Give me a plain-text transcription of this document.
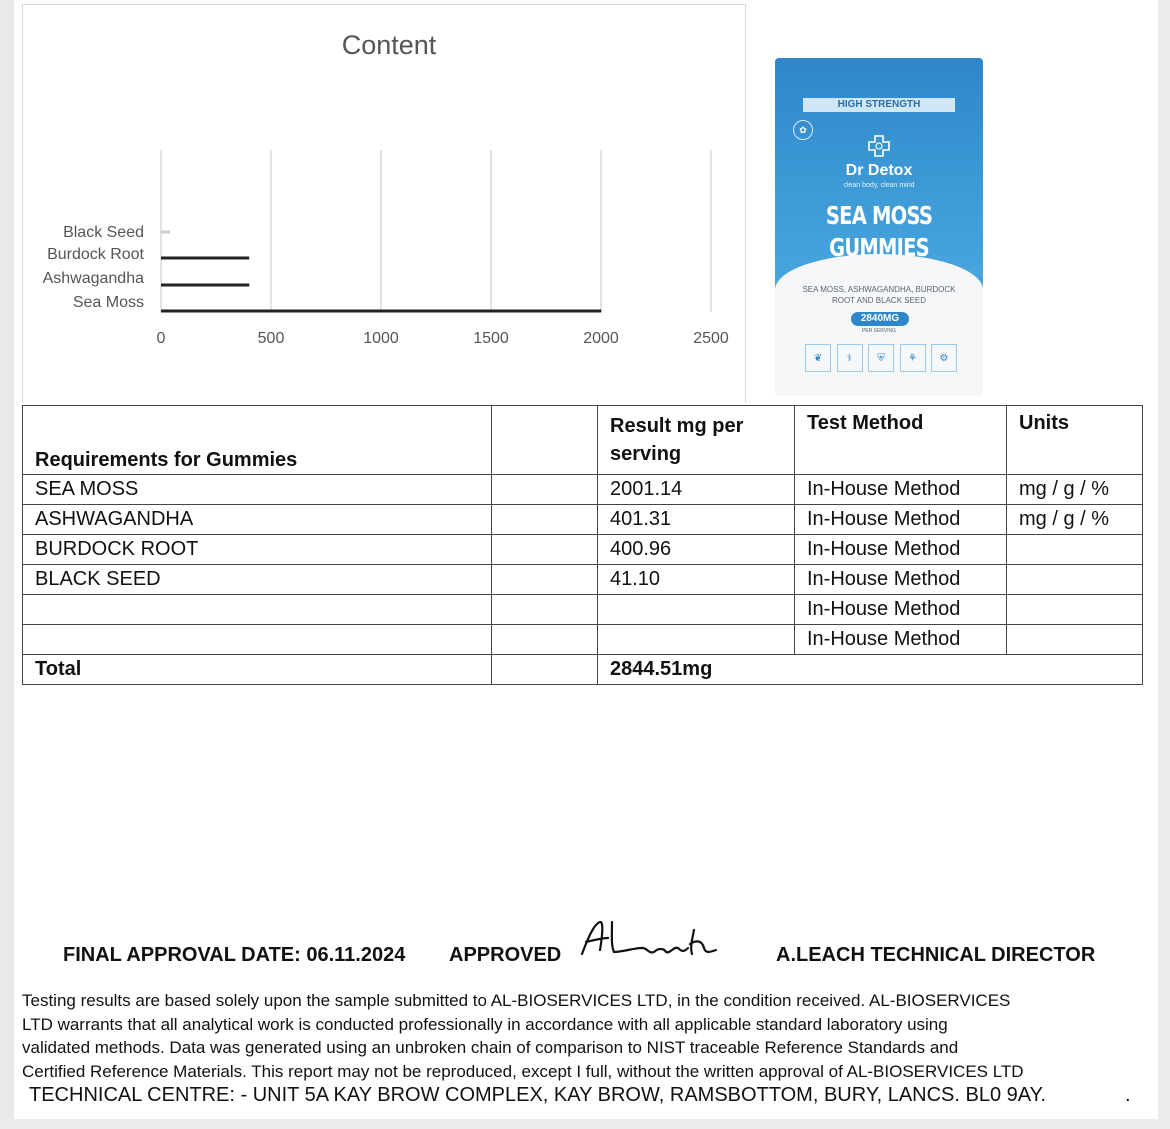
Content
0	500	1000	1500	2000	2500
Black Seed
Burdock Root
Ashwagandha
Sea Moss
HIGH STRENGTH
✿
Dr Detox
clean body, clean mind
SEA MOSS
GUMMIES
SEA MOSS, ASHWAGANDHA, BURDOCK ROOT AND BLACK SEED
2840MG
PER SERVING
❦	⚕	⛨	⚘	⚙
Requirements for Gummies		Result mg per serving	Test Method	Units
SEA MOSS		2001.14	In-House Method	mg / g / %
ASHWAGANDHA		401.31	In-House Method	mg / g / %
BURDOCK ROOT		400.96	In-House Method	
BLACK SEED		41.10	In-House Method	
			In-House Method	
			In-House Method	
Total		2844.51mg		
FINAL APPROVAL DATE: 06.11.2024 APPROVED	A.LEACH TECHNICAL DIRECTOR
Testing results are based solely upon the sample submitted to AL-BIOSERVICES LTD, in the condition received. AL-BIOSERVICES
LTD warrants that all analytical work is conducted professionally in accordance with all applicable standard laboratory using
validated methods. Data was generated using an unbroken chain of comparison to NIST traceable Reference Standards and
Certified Reference Materials. This report may not be reproduced, except I full, without the written approval of AL-BIOSERVICES LTD
TECHNICAL CENTRE: - UNIT 5A KAY BROW COMPLEX, KAY BROW, RAMSBOTTOM, BURY, LANCS. BL0 9AY.	.
